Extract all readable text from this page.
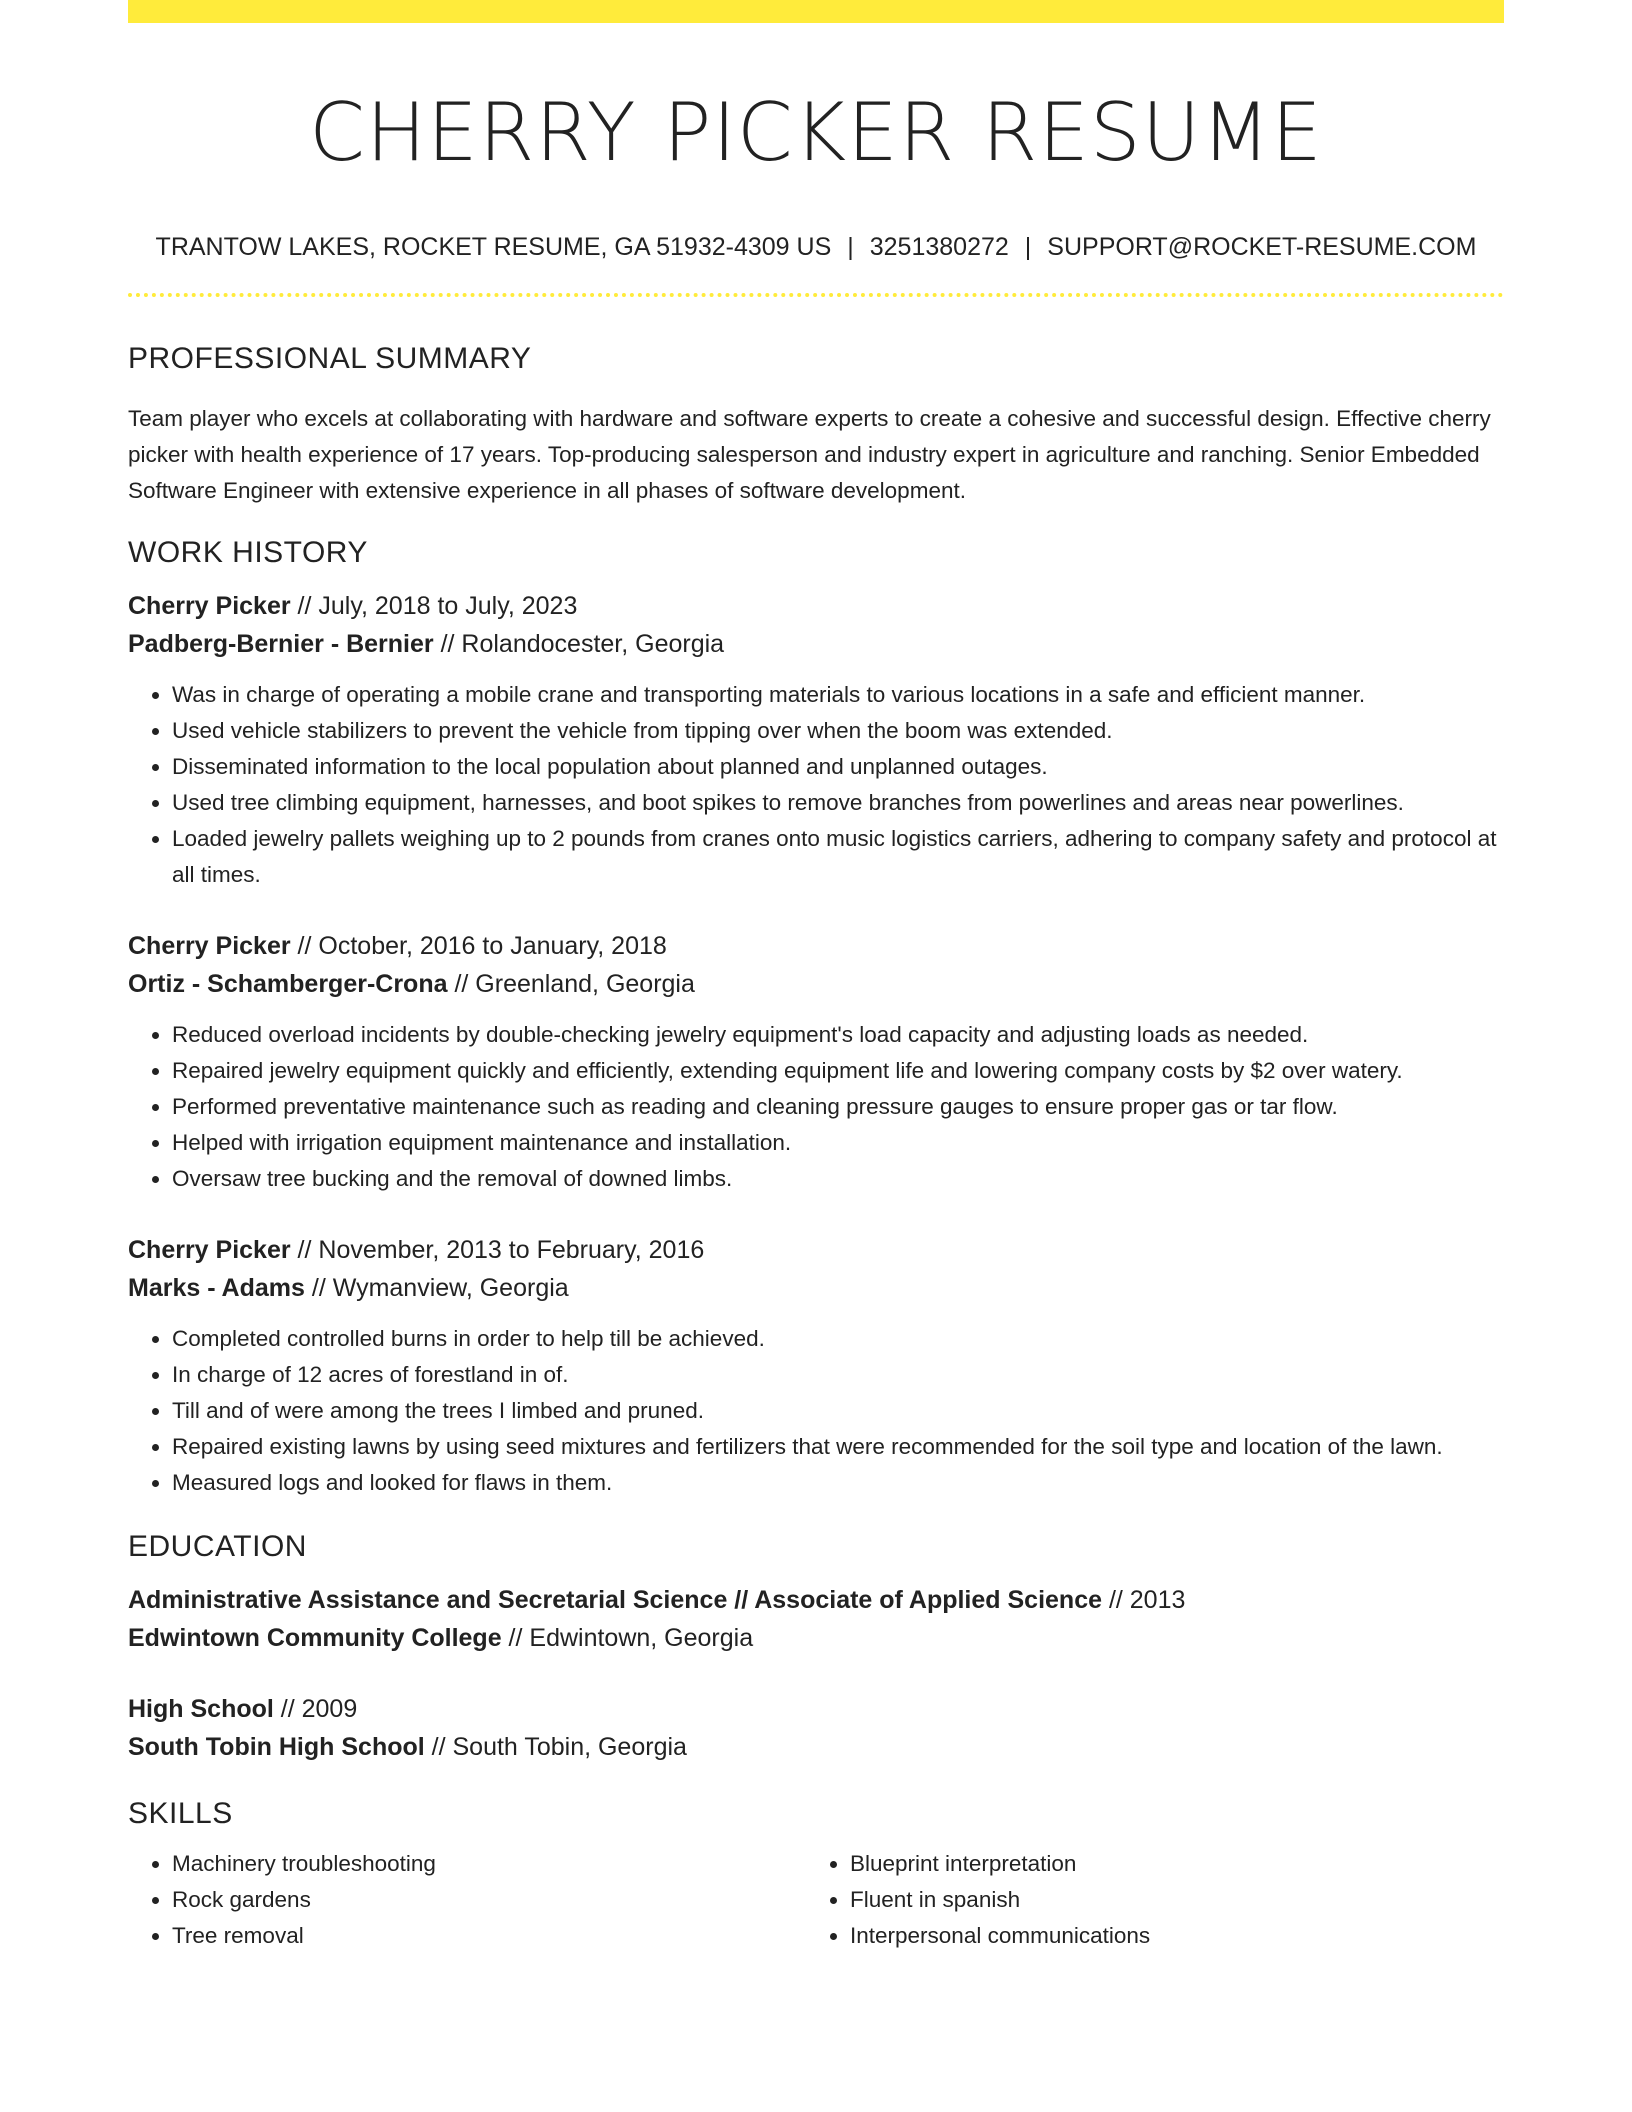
CHERRY PICKER RESUME
TRANTOW LAKES, ROCKET RESUME, GA 51932-4309 US | 3251380272 | SUPPORT@ROCKET-RESUME.COM
PROFESSIONAL SUMMARY

Team player who excels at collaborating with hardware and software experts to create a cohesive and successful design. Effective cherry picker with health experience of 17 years. Top-producing salesperson and industry expert in agriculture and ranching. Senior Embedded Software Engineer with extensive experience in all phases of software development.

WORK HISTORY
Cherry Picker // July, 2018 to July, 2023
Padberg-Bernier - Bernier // Rolandocester, Georgia
• Was in charge of operating a mobile crane and transporting materials to various locations in a safe and efficient manner.
• Used vehicle stabilizers to prevent the vehicle from tipping over when the boom was extended.
• Disseminated information to the local population about planned and unplanned outages.
• Used tree climbing equipment, harnesses, and boot spikes to remove branches from powerlines and areas near powerlines.
• Loaded jewelry pallets weighing up to 2 pounds from cranes onto music logistics carriers, adhering to company safety and protocol at all times.
Cherry Picker // October, 2016 to January, 2018
Ortiz - Schamberger-Crona // Greenland, Georgia
• Reduced overload incidents by double-checking jewelry equipment's load capacity and adjusting loads as needed.
• Repaired jewelry equipment quickly and efficiently, extending equipment life and lowering company costs by $2 over watery.
• Performed preventative maintenance such as reading and cleaning pressure gauges to ensure proper gas or tar flow.
• Helped with irrigation equipment maintenance and installation.
• Oversaw tree bucking and the removal of downed limbs.
Cherry Picker // November, 2013 to February, 2016
Marks - Adams // Wymanview, Georgia
• Completed controlled burns in order to help till be achieved.
• In charge of 12 acres of forestland in of.
• Till and of were among the trees I limbed and pruned.
• Repaired existing lawns by using seed mixtures and fertilizers that were recommended for the soil type and location of the lawn.
• Measured logs and looked for flaws in them.
EDUCATION
Administrative Assistance and Secretarial Science // Associate of Applied Science // 2013
Edwintown Community College // Edwintown, Georgia
High School // 2009
South Tobin High School // South Tobin, Georgia
SKILLS
• Machinery troubleshooting
• Rock gardens
• Tree removal
• Blueprint interpretation
• Fluent in spanish
• Interpersonal communications
